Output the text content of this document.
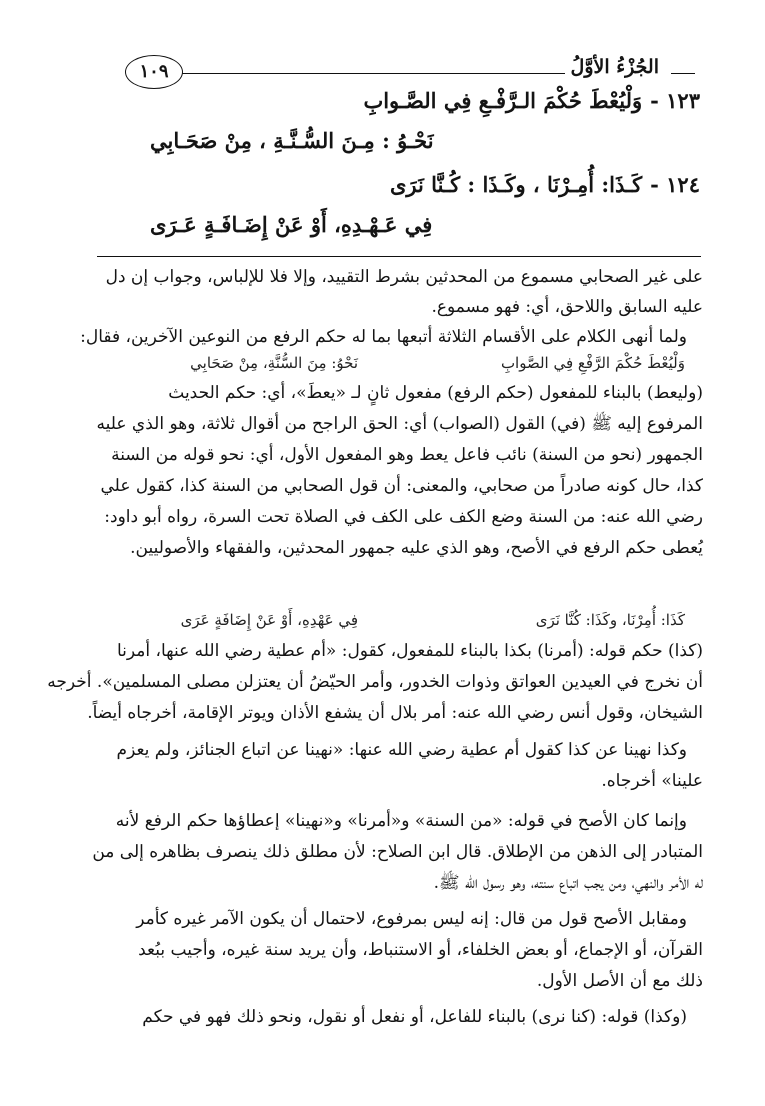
الجُزْءُ الأوَّلُ
١٠٩
١٢٣ -وَلْيُعْطَ حُكْمَ الـرَّفْـعِ فِي الصَّـوابِ
نَحْـوُ : مِـنَ السُّـنَّـةِ ، مِنْ صَحَـابِي
١٢٤ -كَـذَا: أُمِـرْنَا ، وكَـذَا : كُـنَّا نَرَى
فِي عَـهْـدِهِ، أَوْ عَنْ إِضَـافَـةٍ عَـرَى
على غير الصحابي مسموع من المحدثين بشرط التقييد، وإلا فلا للإلباس، وجواب إن دل
عليه السابق واللاحق، أي: فهو مسموع.
ولما أنهى الكلام على الأقسام الثلاثة أتبعها بما له حكم الرفع من النوعين الآخرين، فقال:
وَلْيُعْطَ حُكْمَ الرَّفْعِ فِي الصَّوابِ
نَحْوُ: مِنَ السُّنَّةِ، مِنْ صَحَابِي
(وليعط) بالبناء للمفعول (حكم الرفع) مفعول ثانٍ لـ «يعطَ»، أي: حكم الحديث
المرفوع إليه ﷺ (في) القول (الصواب) أي: الحق الراجح من أقوال ثلاثة، وهو الذي عليه
الجمهور (نحو من السنة) نائب فاعل يعط وهو المفعول الأول، أي: نحو قوله من السنة
كذا، حال كونه صادراً من صحابي، والمعنى: أن قول الصحابي من السنة كذا، كقول علي
رضي الله عنه: من السنة وضع الكف على الكف في الصلاة تحت السرة، رواه أبو داود:
يُعطى حكم الرفع في الأصح، وهو الذي عليه جمهور المحدثين، والفقهاء والأصوليين.
كَذَا: أُمِرْنَا، وكَذَا: كُنَّا نَرَى
فِي عَهْدِهِ، أَوْ عَنْ إِضَافَةٍ عَرَى
(كذا) حكم قوله: (أمرنا) بكذا بالبناء للمفعول، كقول: «أم عطية رضي الله عنها، أمرنا
أن نخرج في العيدين العواتق وذوات الخدور، وأمر الحيّضُ أن يعتزلن مصلى المسلمين». أخرجه
الشيخان، وقول أنس رضي الله عنه: أمر بلال أن يشفع الأذان ويوتر الإقامة، أخرجاه أيضاً.
وكذا نهينا عن كذا كقول أم عطية رضي الله عنها: «نهينا عن اتباع الجنائز، ولم يعزم
علينا» أخرجاه.
وإنما كان الأصح في قوله: «من السنة» و«أمرنا» و«نهينا» إعطاؤها حكم الرفع لأنه
المتبادر إلى الذهن من الإطلاق. قال ابن الصلاح: لأن مطلق ذلك ينصرف بظاهره إلى من
له الأمر والنهي، ومن يجب اتباع سنته، وهو رسول الله ﷺ.
ومقابل الأصح قول من قال: إنه ليس بمرفوع، لاحتمال أن يكون الآمر غيره كأمر
القرآن، أو الإجماع، أو بعض الخلفاء، أو الاستنباط، وأن يريد سنة غيره، وأجيب ببُعد
ذلك مع أن الأصل الأول.
(وكذا) قوله: (كنا نرى) بالبناء للفاعل، أو نفعل أو نقول، ونحو ذلك فهو في حكم
